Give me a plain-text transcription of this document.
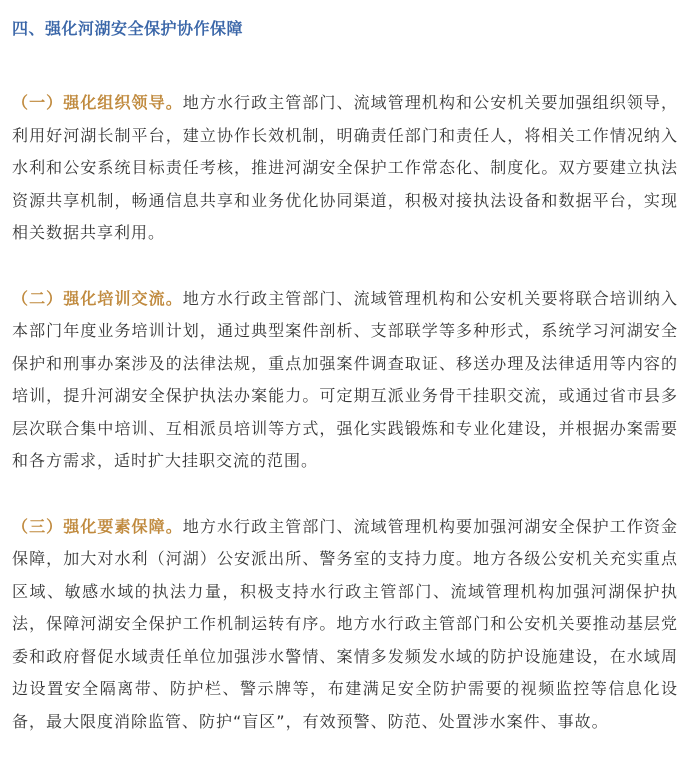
四、强化河湖安全保护协作保障

（一）强化组织领导。地方水行政主管部门、流域管理机构和公安机关要加强组织领导，利用好河湖长制平台，建立协作长效机制，明确责任部门和责任人，将相关工作情况纳入水利和公安系统目标责任考核，推进河湖安全保护工作常态化、制度化。双方要建立执法资源共享机制，畅通信息共享和业务优化协同渠道，积极对接执法设备和数据平台，实现相关数据共享利用。

（二）强化培训交流。地方水行政主管部门、流域管理机构和公安机关要将联合培训纳入本部门年度业务培训计划，通过典型案件剖析、支部联学等多种形式，系统学习河湖安全保护和刑事办案涉及的法律法规，重点加强案件调查取证、移送办理及法律适用等内容的培训，提升河湖安全保护执法办案能力。可定期互派业务骨干挂职交流，或通过省市县多层次联合集中培训、互相派员培训等方式，强化实践锻炼和专业化建设，并根据办案需要和各方需求，适时扩大挂职交流的范围。

（三）强化要素保障。地方水行政主管部门、流域管理机构要加强河湖安全保护工作资金保障，加大对水利（河湖）公安派出所、警务室的支持力度。地方各级公安机关充实重点区域、敏感水域的执法力量，积极支持水行政主管部门、流域管理机构加强河湖保护执法，保障河湖安全保护工作机制运转有序。地方水行政主管部门和公安机关要推动基层党委和政府督促水域责任单位加强涉水警情、案情多发频发水域的防护设施建设，在水域周边设置安全隔离带、防护栏、警示牌等，布建满足安全防护需要的视频监控等信息化设备，最大限度消除监管、防护“盲区”，有效预警、防范、处置涉水案件、事故。
